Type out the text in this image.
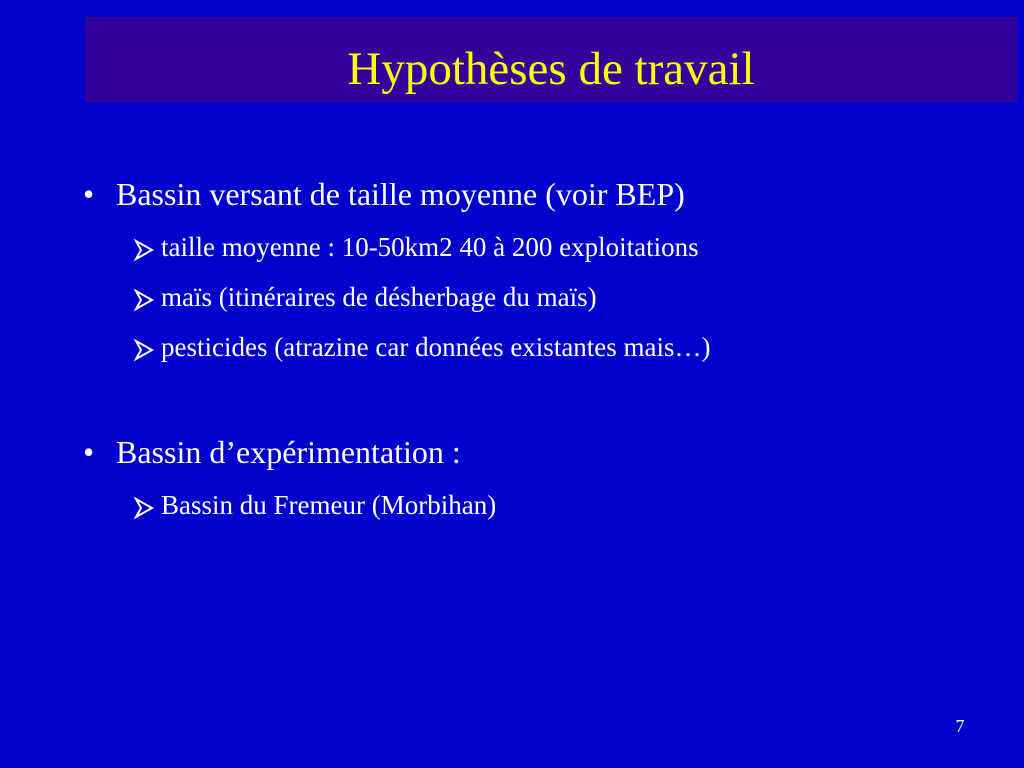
Hypothèses de travail
• Bassin versant de taille moyenne (voir BEP)
taille moyenne : 10-50km2 40 à 200 exploitations
maïs (itinéraires de désherbage du maïs)
pesticides (atrazine car données existantes mais…)
• Bassin d’expérimentation :
Bassin du Fremeur (Morbihan)
7
